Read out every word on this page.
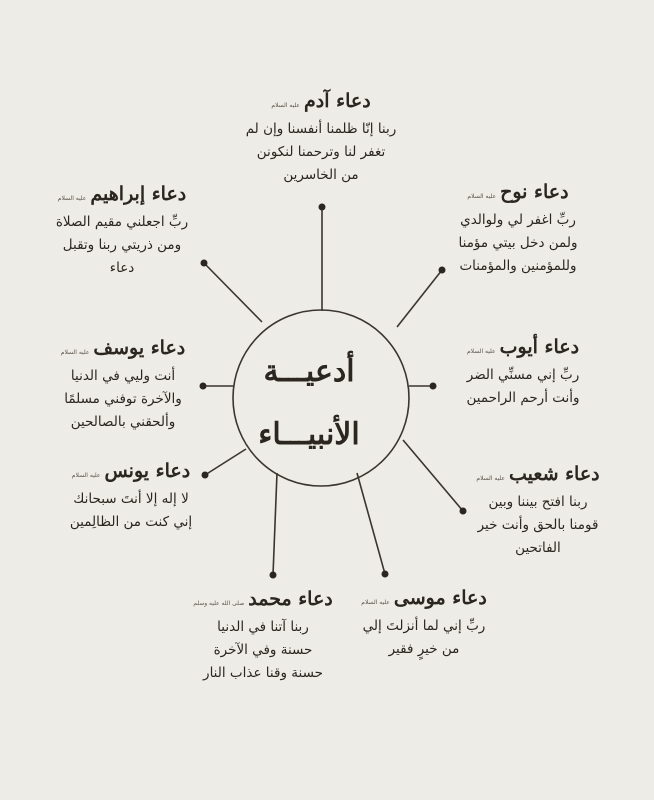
أدعيـــة
الأنبيـــاء
دعاء آدم
عليه السلام
ربنا إنّا ظلمنا أنفسنا وإن لم
تغفر لنا وترحمنا لنكونن
من الخاسرين
دعاء نوح
عليه السلام
ربِّ اغفر لي ولوالدي
ولمن دخل بيتي مؤمنا
وللمؤمنين والمؤمنات
دعاء إبراهيم
عليه السلام
ربِّ اجعلني مقيم الصلاة
ومن ذريتي ربنا وتقبل
دعاء
دعاء أيوب
عليه السلام
ربِّ إني مسنِّي الضر
وأنت أرحم الراحمين
دعاء يوسف
عليه السلام
أنت وليي في الدنيا
والآخرة توفني مسلمًا
وألحقني بالصالحين
دعاء شعيب
عليه السلام
ربنا افتح بيننا وبين
قومنا بالحق وأنت خير
الفاتحين
دعاء يونس
عليه السلام
لا إله إلا أنتَ سبحانك
إني كنت من الظالِمين
دعاء موسى
عليه السلام
ربِّ إني لما أنزلتَ إلي
من خيرٍ فقير
دعاء محمد
صلى الله عليه وسلم
ربنا آتنا في الدنيا
حسنة وفي الآخرة
حسنة وقنا عذاب النار
